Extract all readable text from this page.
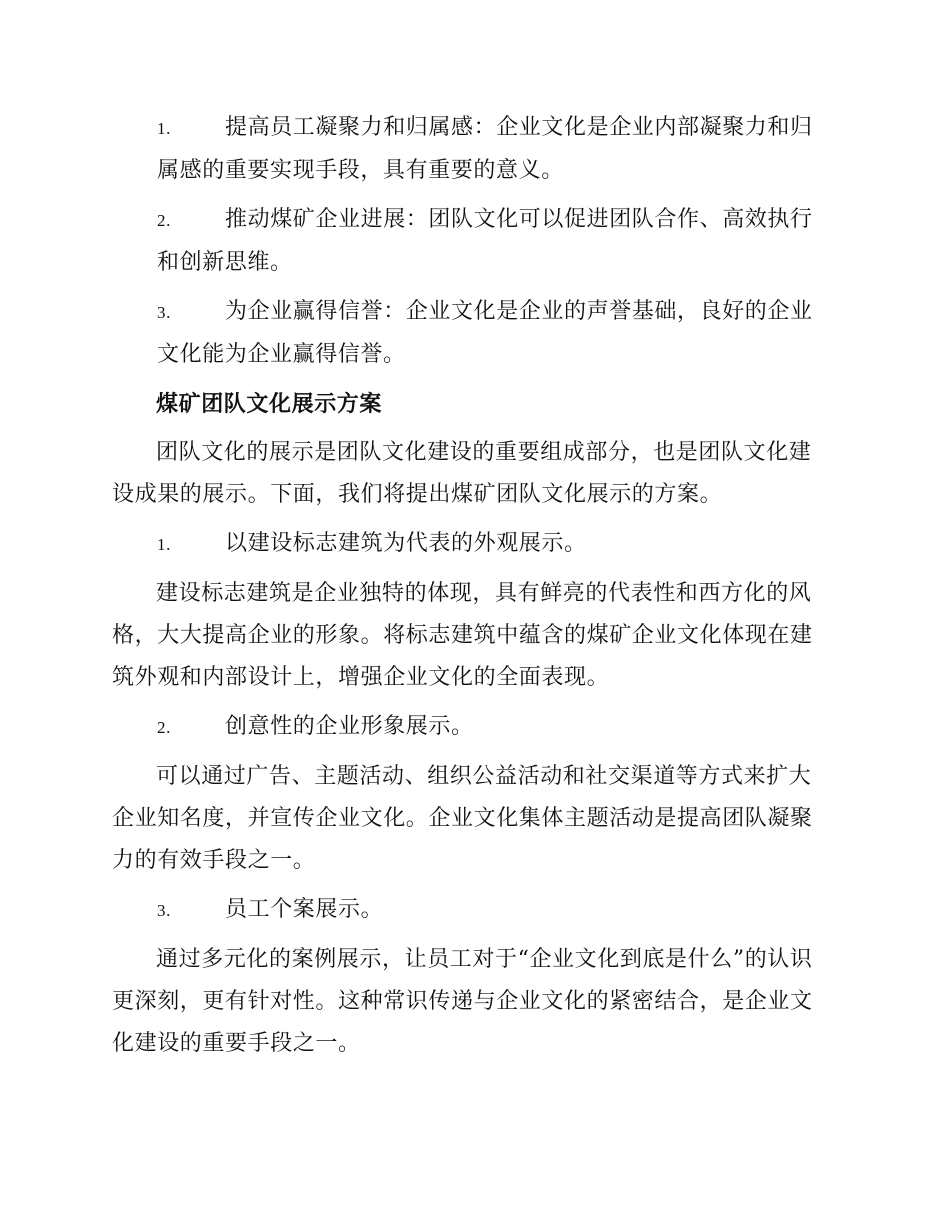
1. 提高员工凝聚力和归属感：企业文化是企业内部凝聚力和归属感的重要实现手段，具有重要的意义。

2. 推动煤矿企业进展：团队文化可以促进团队合作、高效执行和创新思维。

3. 为企业赢得信誉：企业文化是企业的声誉基础，良好的企业文化能为企业赢得信誉。

煤矿团队文化展示方案

团队文化的展示是团队文化建设的重要组成部分，也是团队文化建设成果的展示。下面，我们将提出煤矿团队文化展示的方案。

1. 以建设标志建筑为代表的外观展示。

建设标志建筑是企业独特的体现，具有鲜亮的代表性和西方化的风格，大大提高企业的形象。将标志建筑中蕴含的煤矿企业文化体现在建筑外观和内部设计上，增强企业文化的全面表现。

2. 创意性的企业形象展示。

可以通过广告、主题活动、组织公益活动和社交渠道等方式来扩大企业知名度，并宣传企业文化。企业文化集体主题活动是提高团队凝聚力的有效手段之一。

3. 员工个案展示。

通过多元化的案例展示，让员工对于“企业文化到底是什么”的认识更深刻，更有针对性。这种常识传递与企业文化的紧密结合，是企业文化建设的重要手段之一。
